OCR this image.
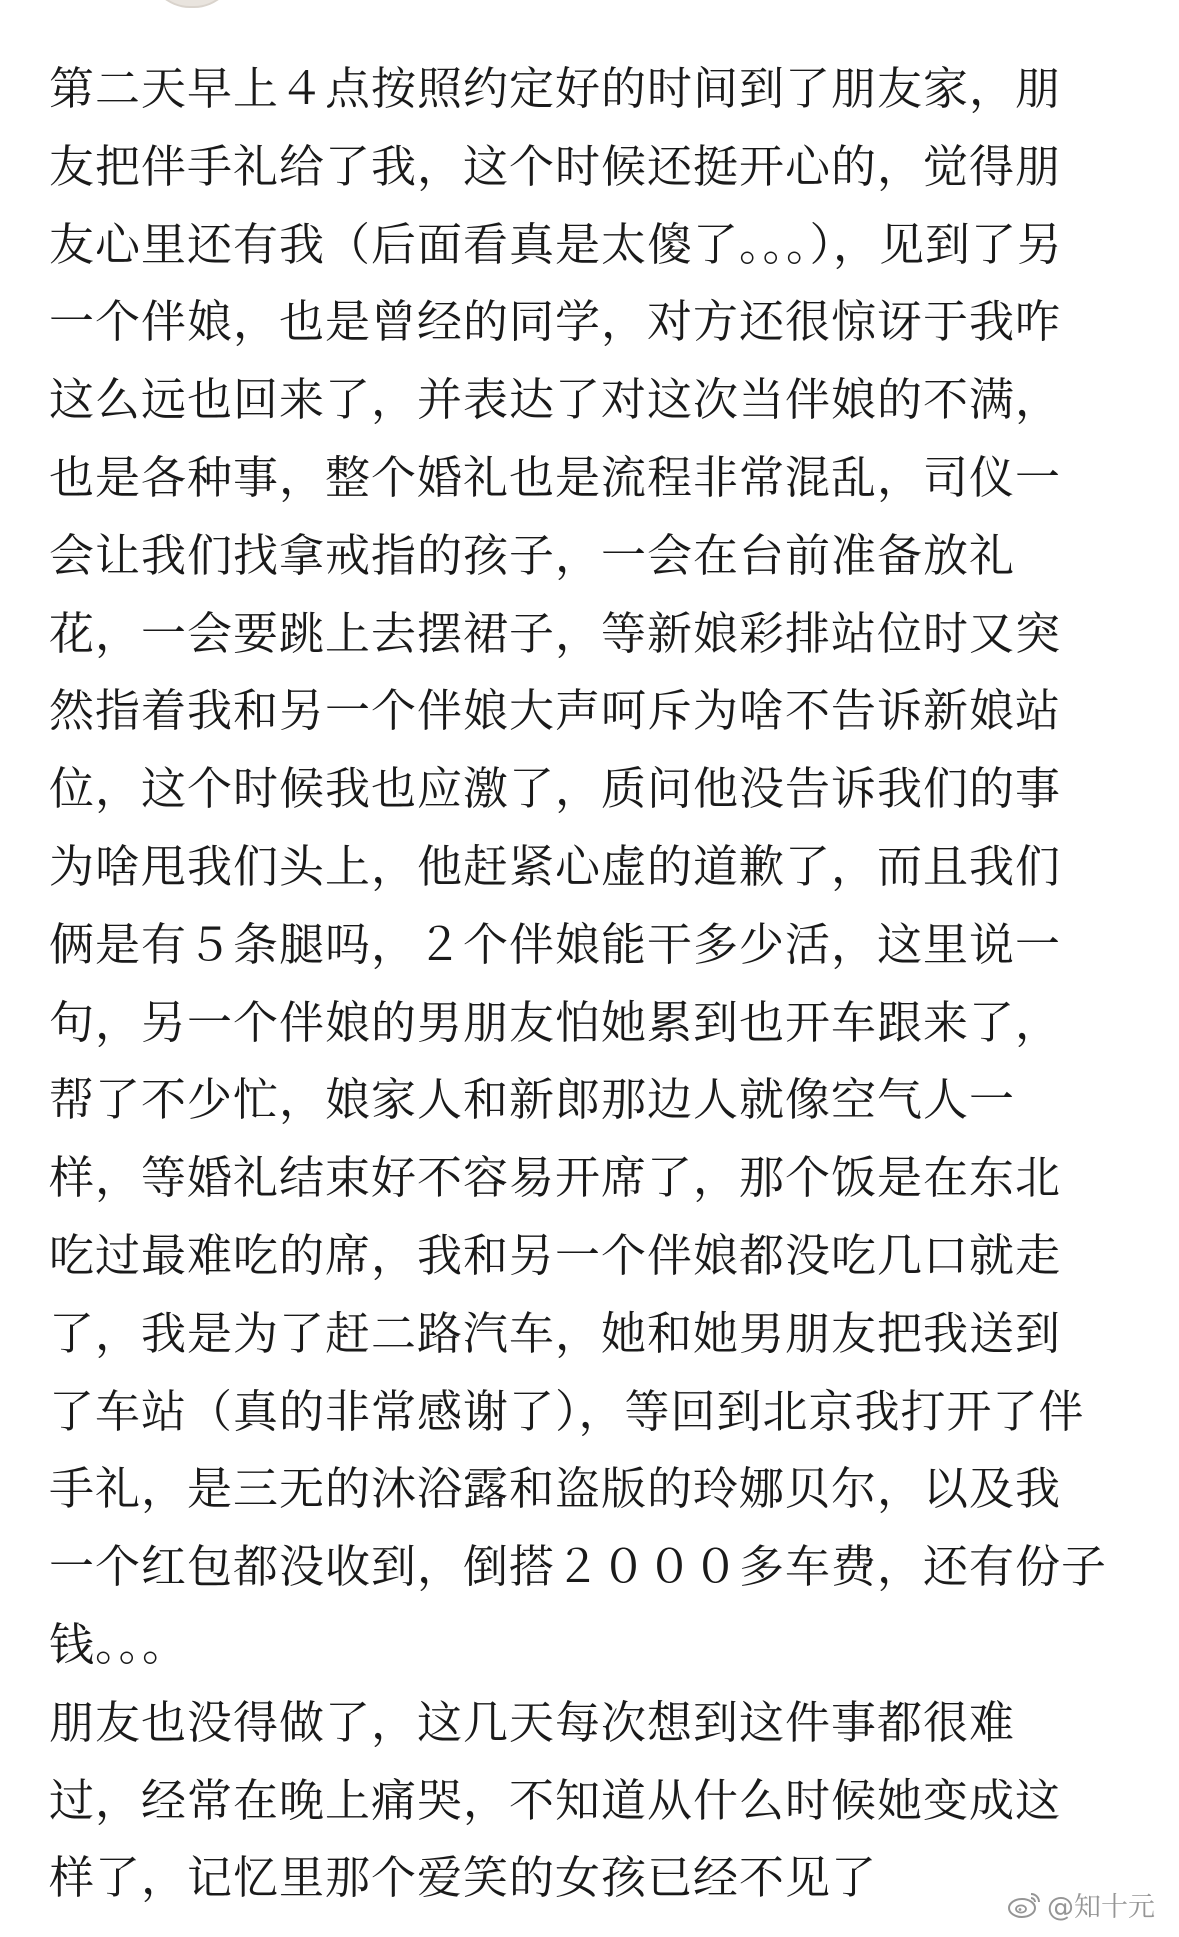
第二天早上４点按照约定好的时间到了朋友家，朋
友把伴手礼给了我，这个时候还挺开心的，觉得朋
友心里还有我（后面看真是太傻了。。。），见到了另
一个伴娘，也是曾经的同学，对方还很惊讶于我咋
这么远也回来了，并表达了对这次当伴娘的不满，
也是各种事，整个婚礼也是流程非常混乱，司仪一
会让我们找拿戒指的孩子，一会在台前准备放礼
花，一会要跳上去摆裙子，等新娘彩排站位时又突
然指着我和另一个伴娘大声呵斥为啥不告诉新娘站
位，这个时候我也应激了，质问他没告诉我们的事
为啥甩我们头上，他赶紧心虚的道歉了，而且我们
俩是有５条腿吗，２个伴娘能干多少活，这里说一
句，另一个伴娘的男朋友怕她累到也开车跟来了，
帮了不少忙，娘家人和新郎那边人就像空气人一
样，等婚礼结束好不容易开席了，那个饭是在东北
吃过最难吃的席，我和另一个伴娘都没吃几口就走
了，我是为了赶二路汽车，她和她男朋友把我送到
了车站（真的非常感谢了），等回到北京我打开了伴
手礼，是三无的沐浴露和盗版的玲娜贝尔，以及我
一个红包都没收到，倒搭２０００多车费，还有份子
钱。。。
朋友也没得做了，这几天每次想到这件事都很难
过，经常在晚上痛哭，不知道从什么时候她变成这
样了，记忆里那个爱笑的女孩已经不见了
@知十元
